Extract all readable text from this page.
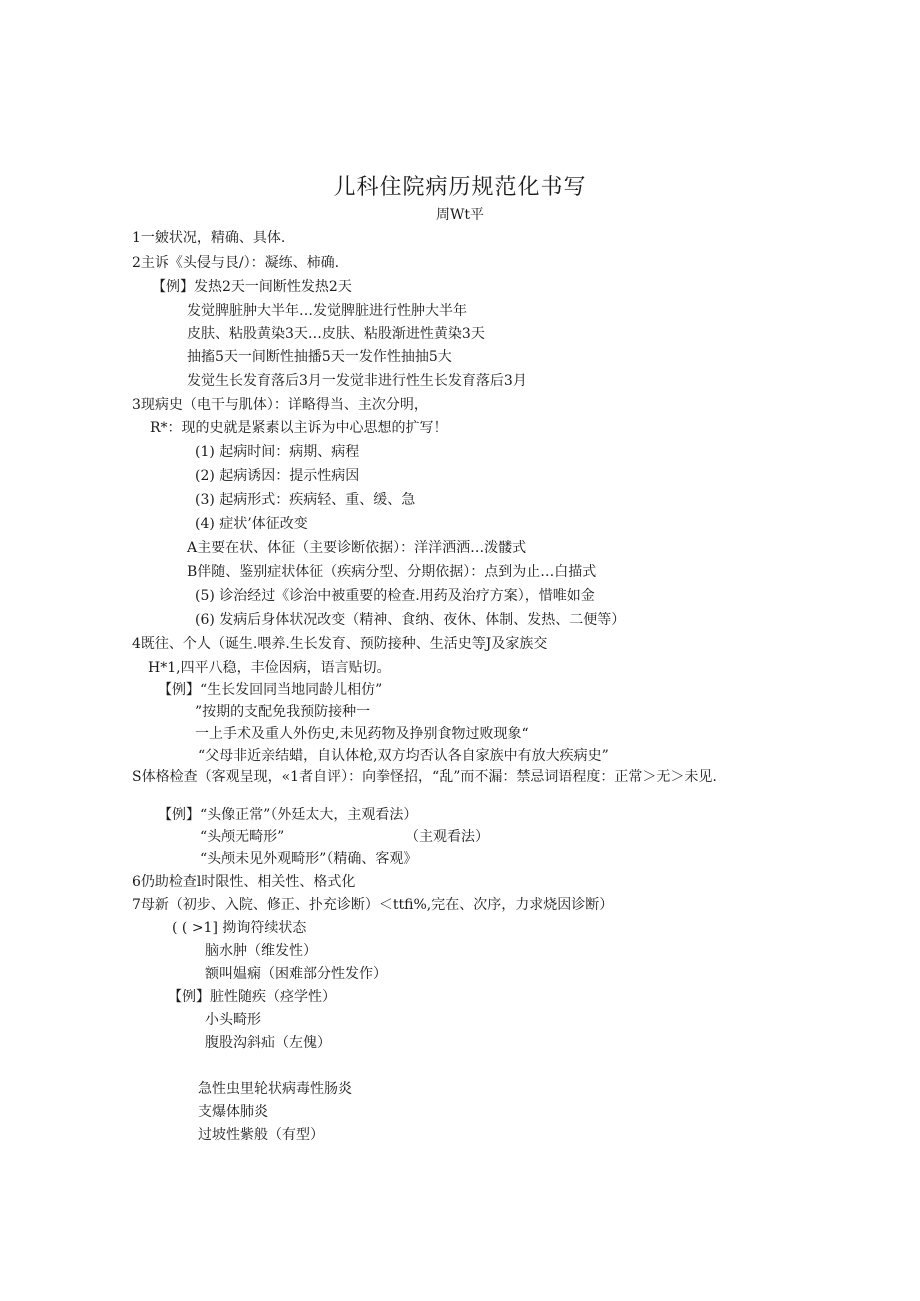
儿科住院病历规范化书写
周Wt平
1一皴状况，精确、具体.
2主诉《头侵与艮/）：凝练、柿确.
【例】发热2天一间断性发热2天
发觉脾脏肿大半年…发觉脾脏进行性肿大半年
皮肤、粘股黄染3天…皮肤、粘股渐进性黄染3天
抽搐5天一间断性抽播5天一发作性抽抽5大
发觉生长发育落后3月一发觉非进行性生长发育落后3月
3现病史（电干与肌体）：详略得当、主次分明，
R*：现的史就是紧素以主诉为中心思想的扩写！
(1) 起病时间：病期、病程
(2) 起病诱因：提示性病因
(3) 起病形式：疾病轻、重、缓、急
(4) 症状’体征改变
A主要在状、体征（主要诊断依据）：洋洋洒洒…泼髅式
B伴随、鉴别症状体征（疾病分型、分期依据）：点到为止…白描式
(5) 诊治经过《诊治中被重要的检查.用药及治疗方案），惜唯如金
(6) 发病后身体状况改变（精神、食纳、夜休、体制、发热、二便等）
4既往、个人（诞生.喂养.生长发育、预防接种、生活史等J及家族交
H*1,四平八稳，丰俭因病，语言贴切。
【例】“生长发回同当地同龄儿相仿”
”按期的支配免我预防接种一
一上手术及重人外伤史,未见药物及挣别食物过败现象“
“父母非近亲结蜡，自认体枪,双方均否认各自家族中有放大疾病史”
S体格检查（客观呈现，«1者自评）：向拳怪招，“乱”而不漏：禁忌词语程度：正常＞无＞未见.
【例】“头像正常”（外廷太大，主观看法）
“头颅无畸形”	（主观看法）
“头颅未见外观畸形”（精确、客观》
6仍助检查l时限性、相关性、格式化
7母新（初步、入院、修正、扑充诊断）＜ttfi%,完在、次序，力求烧因诊断）
( ( >1] 拗询符续状态
脑水肿（维发性）
额叫媪痫（困难部分性发作）
【例】脏性随疾（痉学性）
小头畸形
腹股沟斜疝（左傀）
急性虫里轮状病毒性肠炎
支爆体肺炎
过坡性紫般（有型）
